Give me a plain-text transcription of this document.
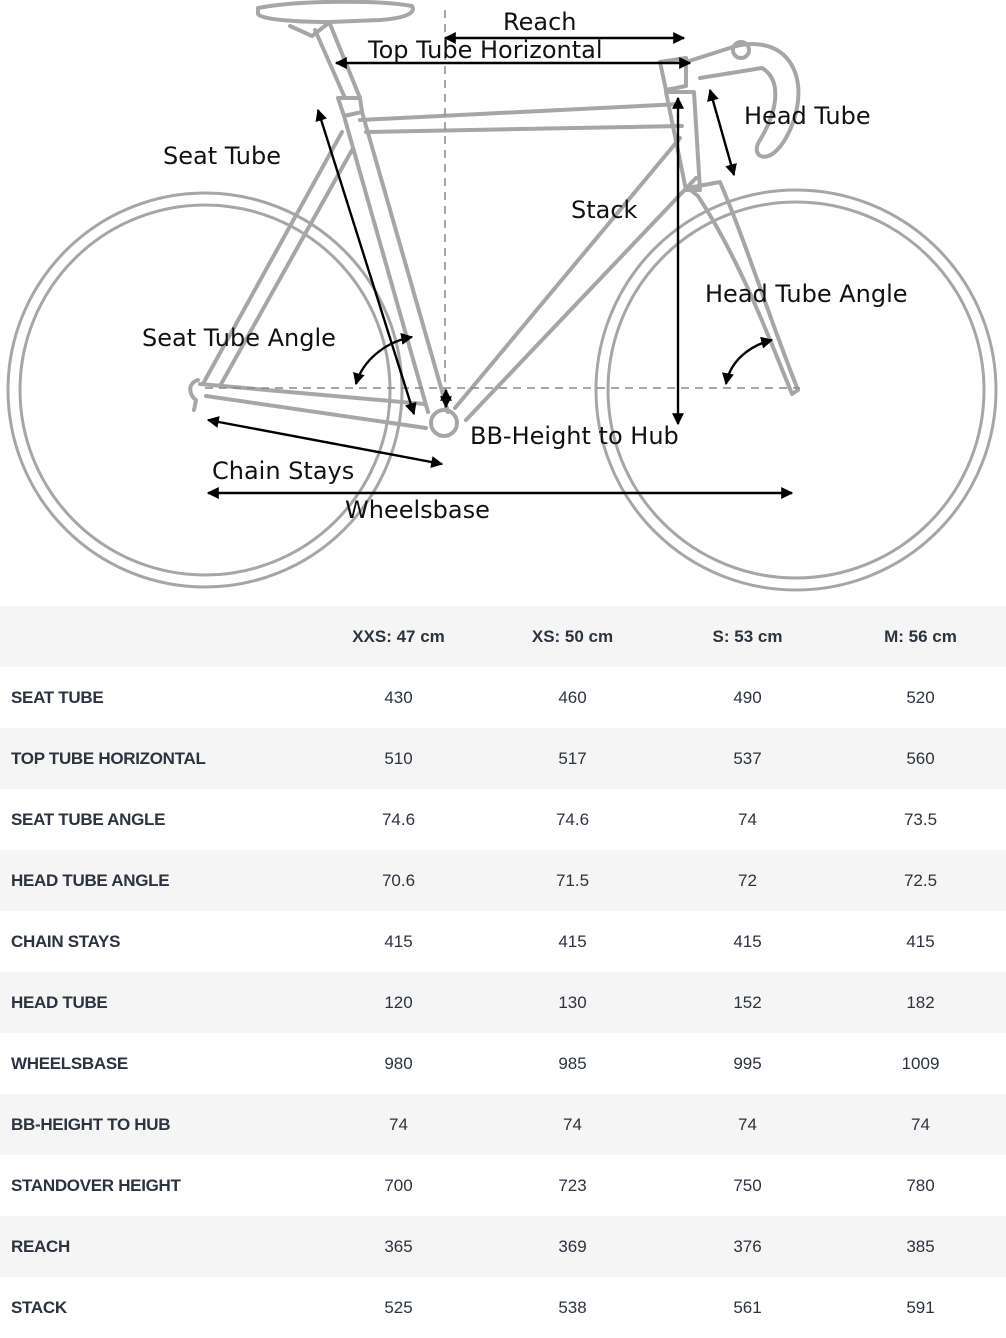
Reach
Top Tube Horizontal
Head Tube
Seat Tube
Stack
Head Tube Angle
Seat Tube Angle
BB-Height to Hub
Chain Stays
Wheelsbase
	XXS: 47 cm	XS: 50 cm	S: 53 cm	M: 56 cm
SEAT TUBE	430	460	490	520
TOP TUBE HORIZONTAL	510	517	537	560
SEAT TUBE ANGLE	74.6	74.6	74	73.5
HEAD TUBE ANGLE	70.6	71.5	72	72.5
CHAIN STAYS	415	415	415	415
HEAD TUBE	120	130	152	182
WHEELSBASE	980	985	995	1009
BB-HEIGHT TO HUB	74	74	74	74
STANDOVER HEIGHT	700	723	750	780
REACH	365	369	376	385
STACK	525	538	561	591
